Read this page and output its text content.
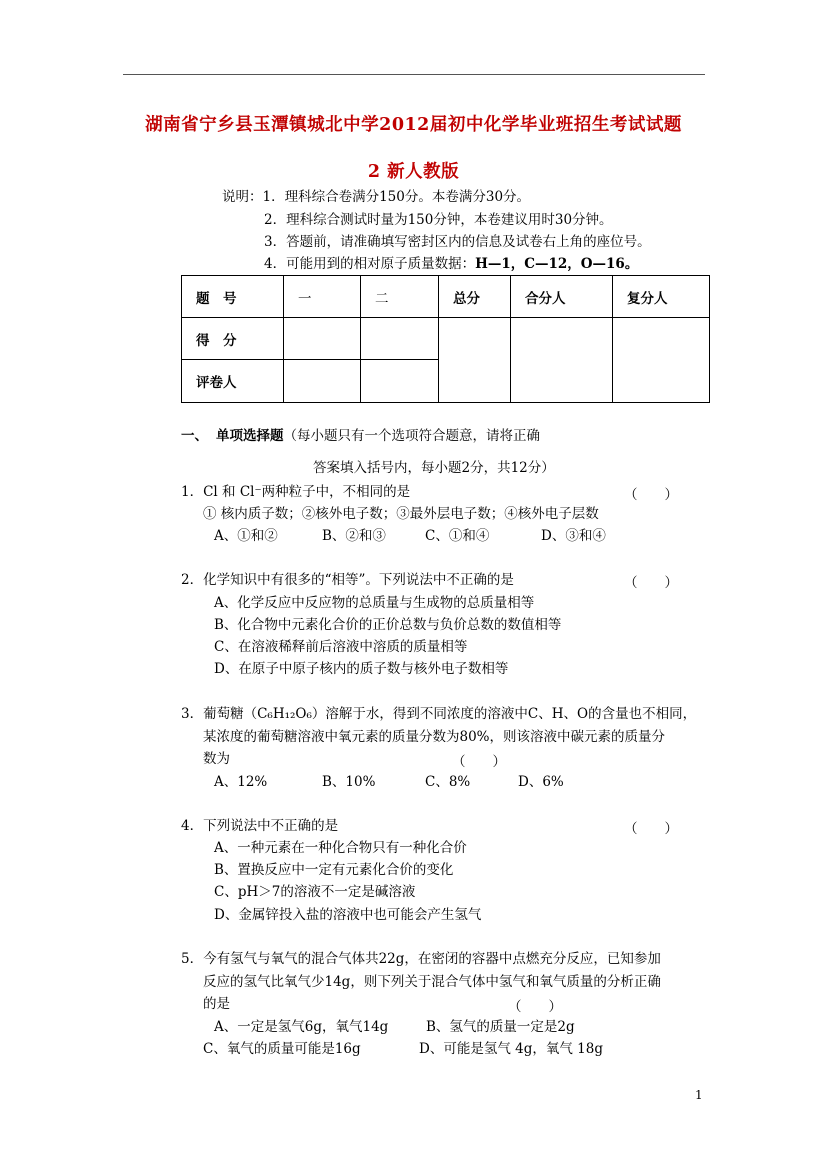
湖南省宁乡县玉潭镇城北中学2012届初中化学毕业班招生考试试题
2 新人教版
说明：1．理科综合卷满分150分。本卷满分30分。
2．理科综合测试时量为150分钟，本卷建议用时30分钟。
3．答题前，请准确填写密封区内的信息及试卷右上角的座位号。
4．可能用到的相对原子质量数据：H—1，C—12，O—16。
题　号	一	二	总分	合分人	复分人
得　分					
评卷人					
一、 单项选择题（每小题只有一个选项符合题意，请将正确
答案填入括号内，每小题2分，共12分）
1．Cl 和 Cl⁻两种粒子中，不相同的是	（　　）
① 核内质子数；②核外电子数；③最外层电子数；④核外电子层数
A、①和②	B、②和③	C、①和④	D、③和④
2．化学知识中有很多的“相等”。下列说法中不正确的是	（　　）
A、化学反应中反应物的总质量与生成物的总质量相等
B、化合物中元素化合价的正价总数与负价总数的数值相等
C、在溶液稀释前后溶液中溶质的质量相等
D、在原子中原子核内的质子数与核外电子数相等
3．葡萄糖（C₆H₁₂O₆）溶解于水，得到不同浓度的溶液中C、H、O的含量也不相同，
某浓度的葡萄糖溶液中氧元素的质量分数为80%，则该溶液中碳元素的质量分
数为	（　　）
A、12%	B、10%	C、8%	D、6%
4．下列说法中不正确的是	（　　）
A、一种元素在一种化合物只有一种化合价
B、置换反应中一定有元素化合价的变化
C、pH＞7的溶液不一定是碱溶液
D、金属锌投入盐的溶液中也可能会产生氢气
5．今有氢气与氧气的混合气体共22g，在密闭的容器中点燃充分反应，已知参加
反应的氢气比氧气少14g，则下列关于混合气体中氢气和氧气质量的分析正确
的是	（　　）
A、一定是氢气6g，氧气14g	B、氢气的质量一定是2g
C、氧气的质量可能是16g	D、可能是氢气 4g，氧气 18g
1
